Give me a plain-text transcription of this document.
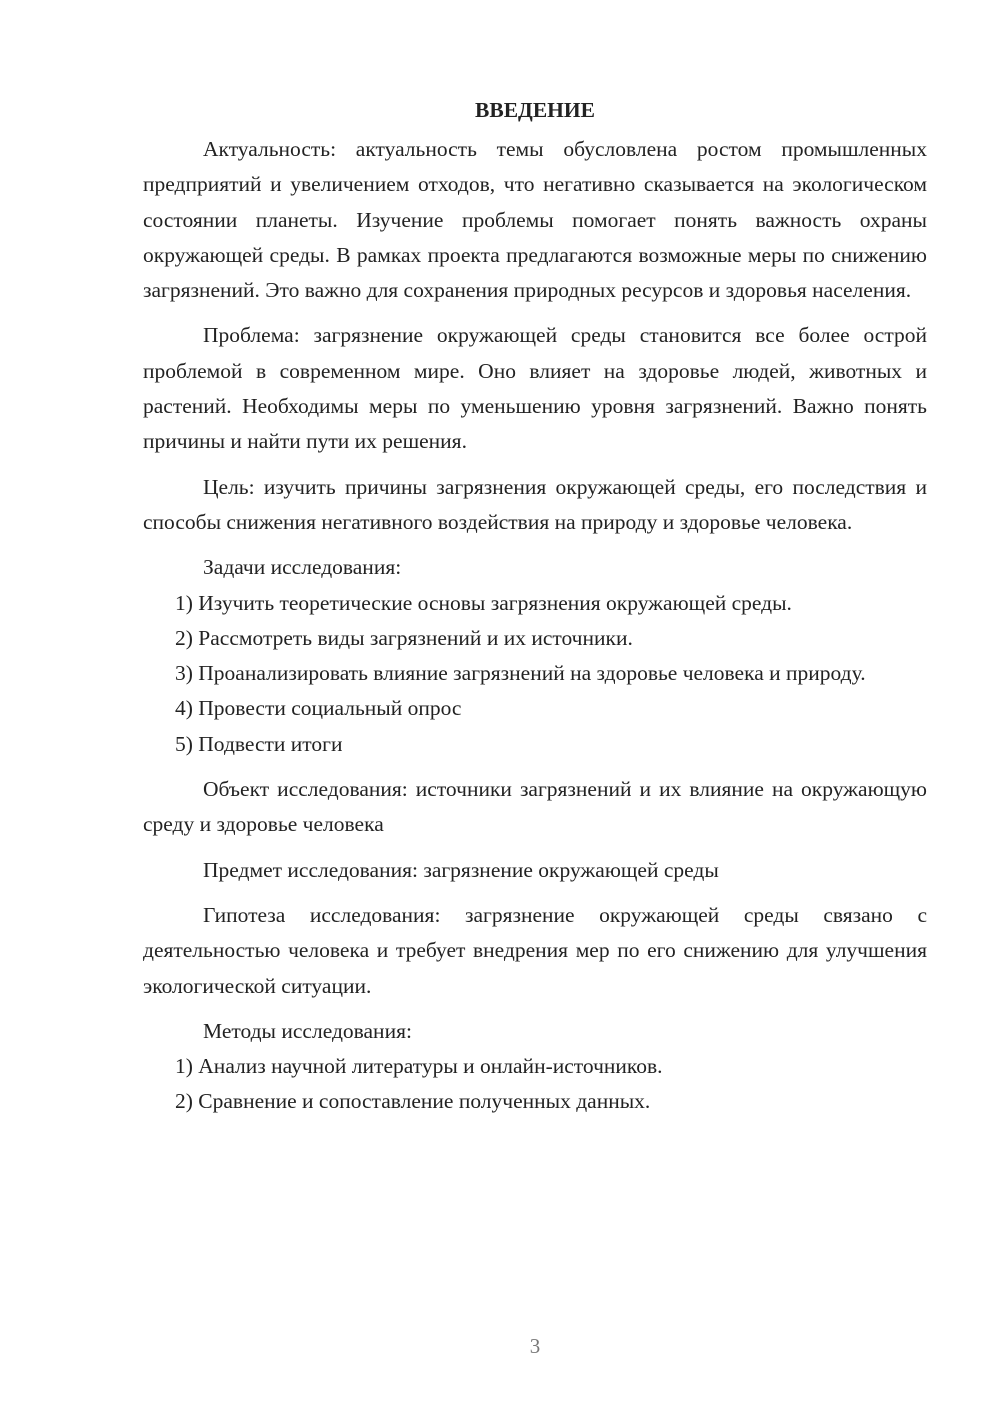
ВВЕДЕНИЕ

Актуальность: актуальность темы обусловлена ростом промышленных предприятий и увеличением отходов, что негативно сказывается на экологическом состоянии планеты. Изучение проблемы помогает понять важность охраны окружающей среды. В рамках проекта предлагаются возможные меры по снижению загрязнений. Это важно для сохранения природных ресурсов и здоровья населения.

Проблема: загрязнение окружающей среды становится все более острой проблемой в современном мире. Оно влияет на здоровье людей, животных и растений. Необходимы меры по уменьшению уровня загрязнений. Важно понять причины и найти пути их решения.

Цель: изучить причины загрязнения окружающей среды, его последствия и способы снижения негативного воздействия на природу и здоровье человека.

Задачи исследования:

1) Изучить теоретические основы загрязнения окружающей среды.
2) Рассмотреть виды загрязнений и их источники.
3) Проанализировать влияние загрязнений на здоровье человека и природу.
4) Провести социальный опрос
5) Подвести итоги

Объект исследования: источники загрязнений и их влияние на окружающую среду и здоровье человека

Предмет исследования: загрязнение окружающей среды

Гипотеза исследования: загрязнение окружающей среды связано с деятельностью человека и требует внедрения мер по его снижению для улучшения экологической ситуации.

Методы исследования:

1) Анализ научной литературы и онлайн-источников.
2) Сравнение и сопоставление полученных данных.
3
